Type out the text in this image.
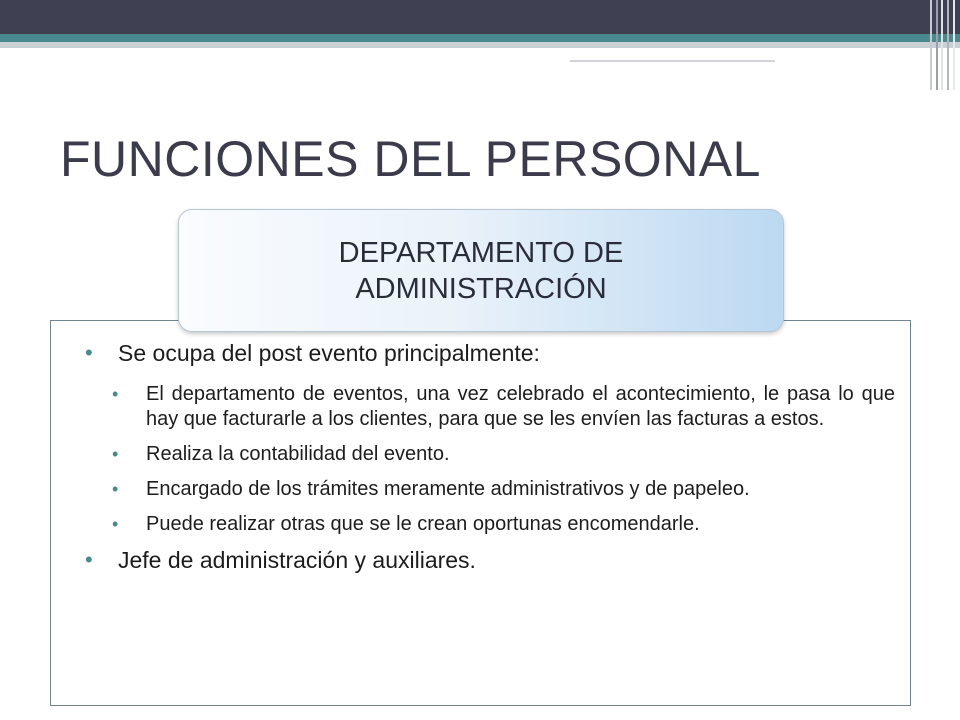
FUNCIONES DEL PERSONAL
DEPARTAMENTO DE ADMINISTRACIÓN
• Se ocupa del post evento principalmente:
• El departamento de eventos, una vez celebrado el acontecimiento, le pasa lo que hay que facturarle a los clientes, para que se les envíen las facturas a estos.
• Realiza la contabilidad del evento.
• Encargado de los trámites meramente administrativos y de papeleo.
• Puede realizar otras que se le crean oportunas encomendarle.
• Jefe de administración y auxiliares.
